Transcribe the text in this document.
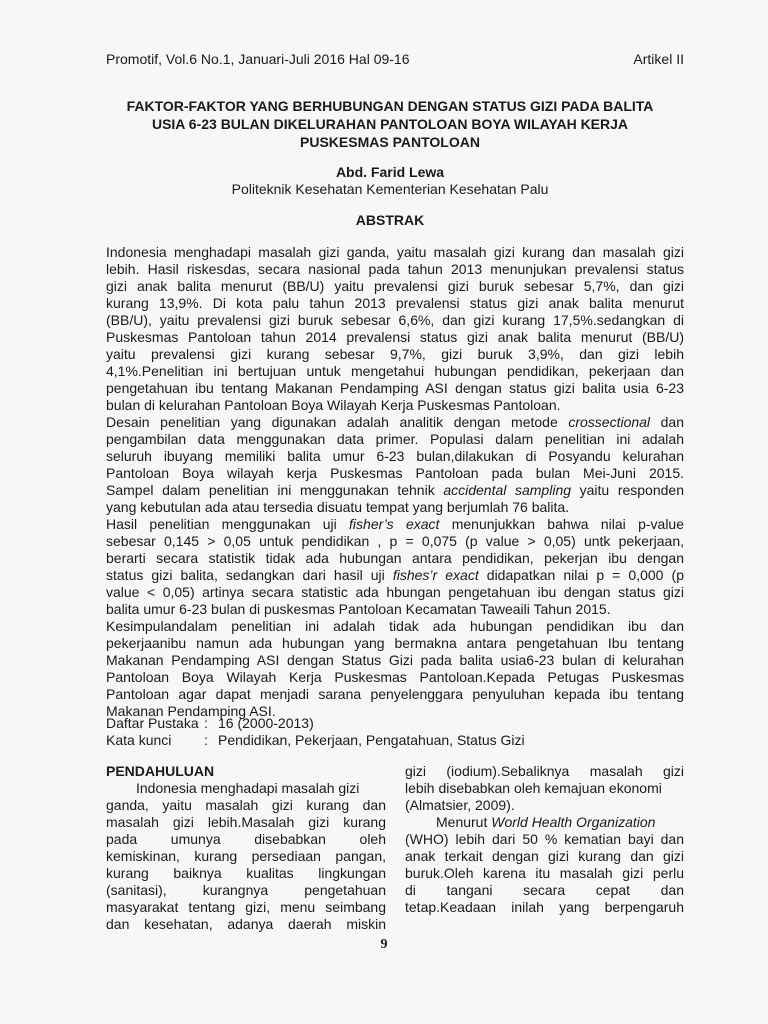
Promotif, Vol.6 No.1, Januari-Juli 2016 Hal 09-16	Artikel II
FAKTOR-FAKTOR YANG BERHUBUNGAN DENGAN STATUS GIZI PADA BALITA
USIA 6-23 BULAN DIKELURAHAN PANTOLOAN BOYA WILAYAH KERJA
PUSKESMAS PANTOLOAN
Abd. Farid Lewa
Politeknik Kesehatan Kementerian Kesehatan Palu
ABSTRAK
Indonesia menghadapi masalah gizi ganda, yaitu masalah gizi kurang dan masalah gizi
lebih. Hasil riskesdas, secara nasional pada tahun 2013 menunjukan prevalensi status
gizi anak balita menurut (BB/U) yaitu prevalensi gizi buruk sebesar 5,7%, dan gizi
kurang 13,9%. Di kota palu tahun 2013 prevalensi status gizi anak balita menurut
(BB/U), yaitu prevalensi gizi buruk sebesar 6,6%, dan gizi kurang 17,5%.sedangkan di
Puskesmas Pantoloan tahun 2014 prevalensi status gizi anak balita menurut (BB/U)
yaitu prevalensi gizi kurang sebesar 9,7%, gizi buruk 3,9%, dan gizi lebih
4,1%.Penelitian ini bertujuan untuk mengetahui hubungan pendidikan, pekerjaan dan
pengetahuan ibu tentang Makanan Pendamping ASI dengan status gizi balita usia 6-23
bulan di kelurahan Pantoloan Boya Wilayah Kerja Puskesmas Pantoloan.
Desain penelitian yang digunakan adalah analitik dengan metode crossectional dan
pengambilan data menggunakan data primer. Populasi dalam penelitian ini adalah
seluruh ibuyang memiliki balita umur 6-23 bulan,dilakukan di Posyandu kelurahan
Pantoloan Boya wilayah kerja Puskesmas Pantoloan pada bulan Mei-Juni 2015.
Sampel dalam penelitian ini menggunakan tehnik accidental sampling yaitu responden
yang kebutulan ada atau tersedia disuatu tempat yang berjumlah 76 balita.
Hasil penelitian menggunakan uji fisher’s exact menunjukkan bahwa nilai p-value
sebesar 0,145 > 0,05 untuk pendidikan , p = 0,075 (p value > 0,05) untk pekerjaan,
berarti secara statistik tidak ada hubungan antara pendidikan, pekerjan ibu dengan
status gizi balita, sedangkan dari hasil uji fishes’r exact didapatkan nilai p = 0,000 (p
value < 0,05) artinya secara statistic ada hbungan pengetahuan ibu dengan status gizi
balita umur 6-23 bulan di puskesmas Pantoloan Kecamatan Taweaili Tahun 2015.
Kesimpulandalam penelitian ini adalah tidak ada hubungan pendidikan ibu dan
pekerjaanibu namun ada hubungan yang bermakna antara pengetahuan Ibu tentang
Makanan Pendamping ASI dengan Status Gizi pada balita usia6-23 bulan di kelurahan
Pantoloan Boya Wilayah Kerja Puskesmas Pantoloan.Kepada Petugas Puskesmas
Pantoloan agar dapat menjadi sarana penyelenggara penyuluhan kepada ibu tentang
Makanan Pendamping ASI.
Daftar Pustaka : 16 (2000-2013)
Kata kunci : Pendidikan, Pekerjaan, Pengatahuan, Status Gizi
PENDAHULUAN
Indonesia menghadapi masalah gizi
ganda, yaitu masalah gizi kurang dan
masalah gizi lebih.Masalah gizi kurang
pada umunya disebabkan oleh
kemiskinan, kurang persediaan pangan,
kurang baiknya kualitas lingkungan
(sanitasi), kurangnya pengetahuan
masyarakat tentang gizi, menu seimbang
dan kesehatan, adanya daerah miskin
gizi (iodium).Sebaliknya masalah gizi
lebih disebabkan oleh kemajuan ekonomi
(Almatsier, 2009).
Menurut World Health Organization
(WHO) lebih dari 50 % kematian bayi dan
anak terkait dengan gizi kurang dan gizi
buruk.Oleh karena itu masalah gizi perlu
di tangani secara cepat dan
tetap.Keadaan inilah yang berpengaruh
9
